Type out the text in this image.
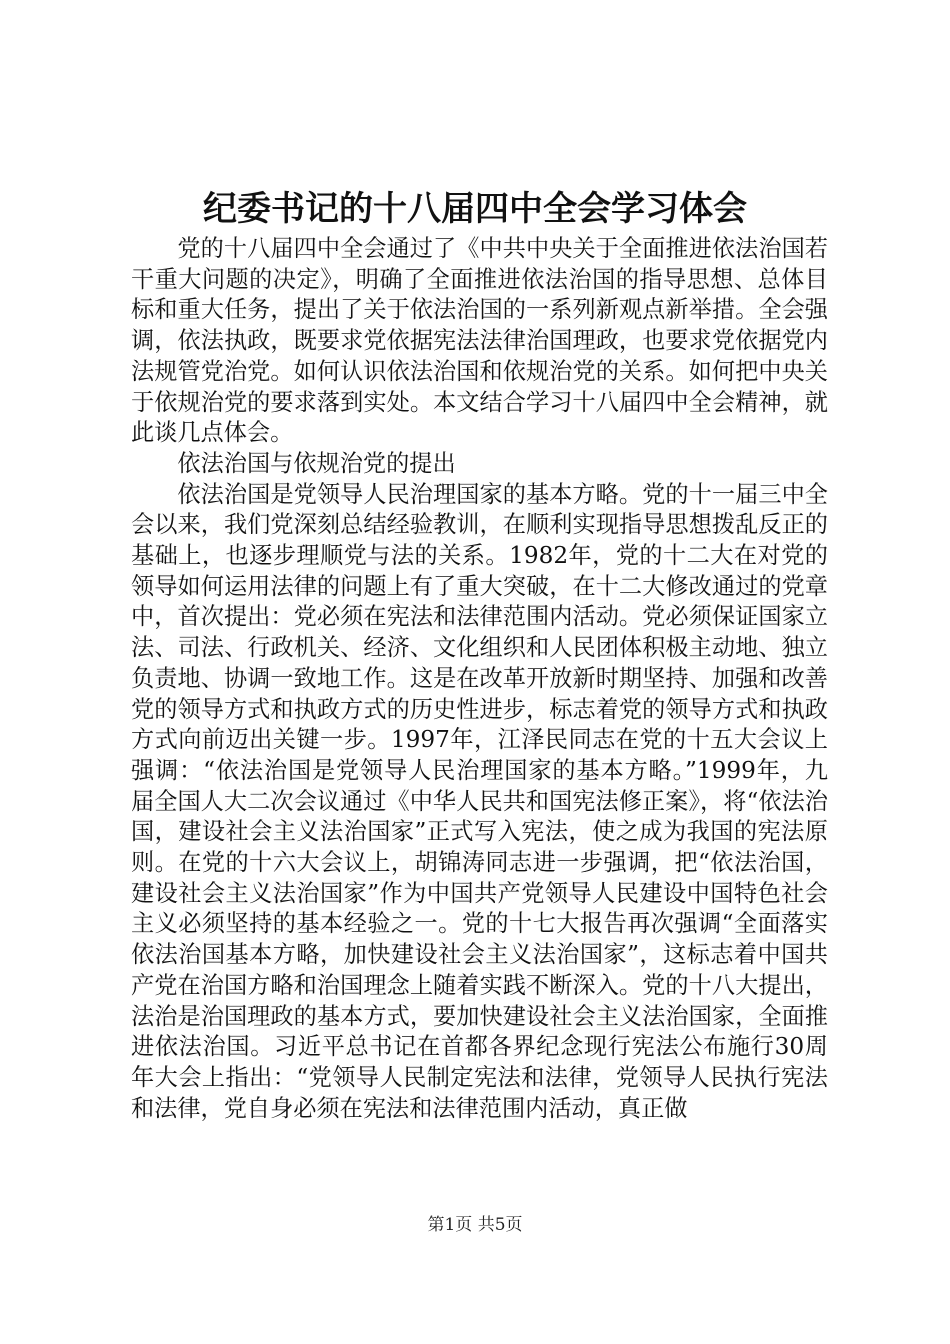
纪委书记的十八届四中全会学习体会

党的十八届四中全会通过了《中共中央关于全面推进依法治国若干重大问题的决定》，明确了全面推进依法治国的指导思想、总体目标和重大任务，提出了关于依法治国的一系列新观点新举措。全会强调，依法执政，既要求党依据宪法法律治国理政，也要求党依据党内法规管党治党。如何认识依法治国和依规治党的关系。如何把中央关于依规治党的要求落到实处。本文结合学习十八届四中全会精神，就此谈几点体会。

依法治国与依规治党的提出

依法治国是党领导人民治理国家的基本方略。党的十一届三中全会以来，我们党深刻总结经验教训，在顺利实现指导思想拨乱反正的基础上，也逐步理顺党与法的关系。1982年，党的十二大在对党的领导如何运用法律的问题上有了重大突破，在十二大修改通过的党章中，首次提出：党必须在宪法和法律范围内活动。党必须保证国家立法、司法、行政机关、经济、文化组织和人民团体积极主动地、独立负责地、协调一致地工作。这是在改革开放新时期坚持、加强和改善党的领导方式和执政方式的历史性进步，标志着党的领导方式和执政方式向前迈出关键一步。1997年，江泽民同志在党的十五大会议上强调：“依法治国是党领导人民治理国家的基本方略。”1999年，九届全国人大二次会议通过《中华人民共和国宪法修正案》，将“依法治国，建设社会主义法治国家”正式写入宪法，使之成为我国的宪法原则。在党的十六大会议上，胡锦涛同志进一步强调，把“依法治国，建设社会主义法治国家”作为中国共产党领导人民建设中国特色社会主义必须坚持的基本经验之一。党的十七大报告再次强调“全面落实依法治国基本方略，加快建设社会主义法治国家”，这标志着中国共产党在治国方略和治国理念上随着实践不断深入。党的十八大提出，法治是治国理政的基本方式，要加快建设社会主义法治国家，全面推进依法治国。习近平总书记在首都各界纪念现行宪法公布施行30周年大会上指出：“党领导人民制定宪法和法律，党领导人民执行宪法和法律，党自身必须在宪法和法律范围内活动，真正做

第1页 共5页
